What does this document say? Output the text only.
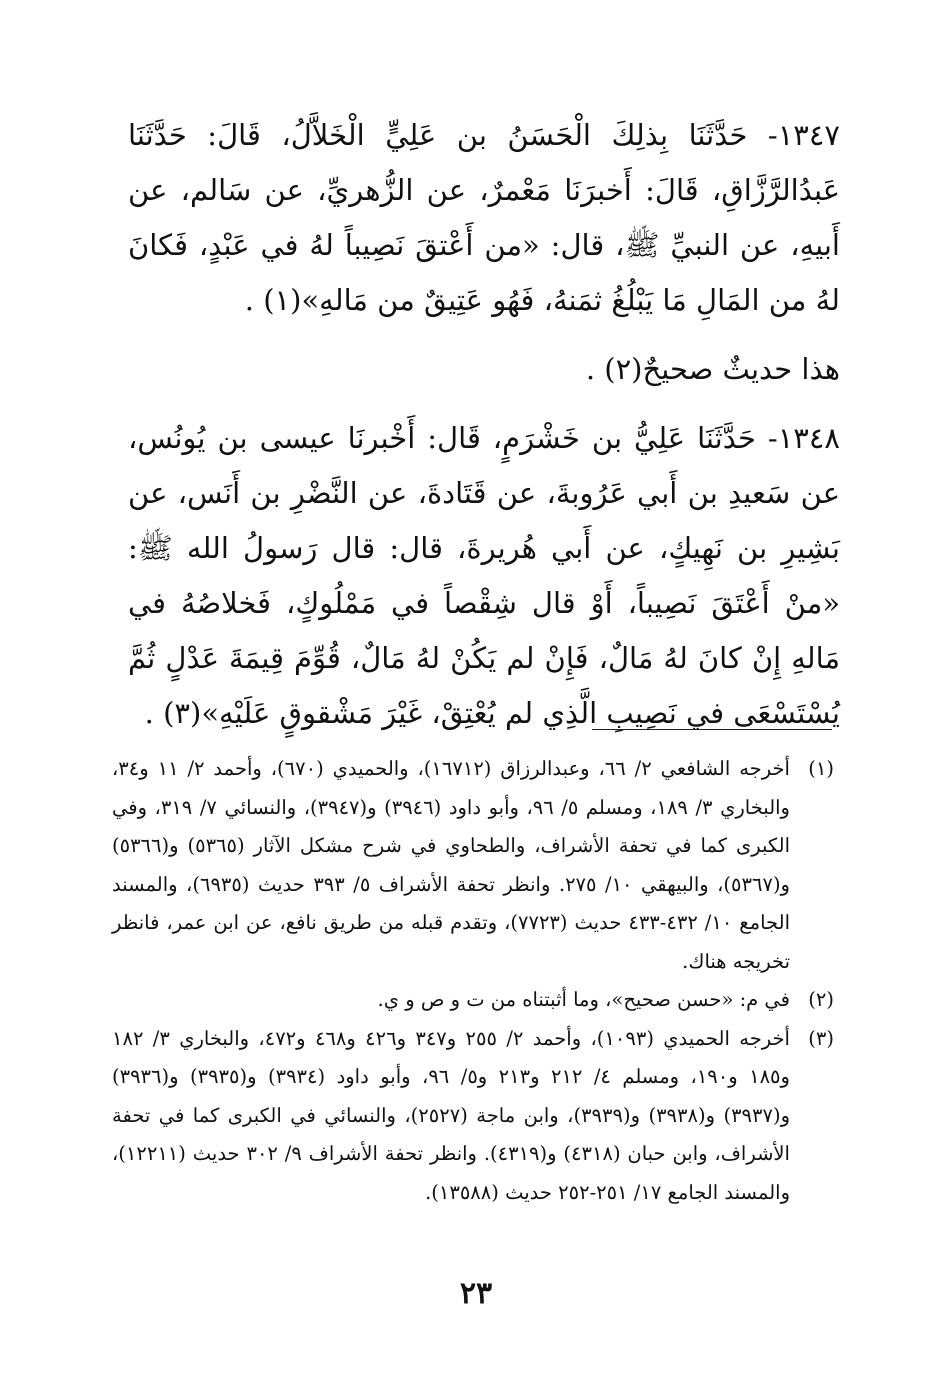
١٣٤٧- حَدَّثَنَا بِذلِكَ الْحَسَنُ بن عَلِيٍّ الْخَلاَّلُ، قَالَ: حَدَّثَنَا عَبدُالرَّزَّاقِ، قَالَ: أَخبرَنَا مَعْمرٌ، عن الزُّهريِّ، عن سَالم، عن أَبيهِ، عن النبيِّ ﷺ، قال: «من أَعْتقَ نَصِيباً لهُ في عَبْدٍ، فَكانَ لهُ من المَالِ مَا يَبْلُغُ ثمَنهُ، فَهُو عَتِيقٌ من مَالهِ»(١) .

هذا حديثٌ صحيحٌ(٢) .

١٣٤٨- حَدَّثَنَا عَلِيُّ بن خَشْرَمٍ، قَال: أَخْبرنَا عيسى بن يُونُس، عن سَعيدِ بن أَبي عَرُوبةَ، عن قَتَادةَ، عن النَّضْرِ بن أَنَس، عن بَشِيرِ بن نَهِيكٍ، عن أَبي هُريرةَ، قال: قال رَسولُ الله ﷺ: «منْ أَعْتَقَ نَصِيباً، أَوْ قال شِقْصاً في مَمْلُوكٍ، فَخلاصُهُ في مَالهِ إِنْ كانَ لهُ مَالٌ، فَإِنْ لم يَكُنْ لهُ مَالٌ، قُوِّمَ قِيمَةَ عَدْلٍ ثُمَّ يُسْتَسْعَى في نَصِيبِ الَّذِي لم يُعْتِقْ، غَيْرَ مَشْقوقٍ عَلَيْهِ»(٣) .

(١)
أخرجه الشافعي ٢/ ٦٦، وعبدالرزاق (١٦٧١٢)، والحميدي (٦٧٠)، وأحمد ٢/ ١١ و٣٤، والبخاري ٣/ ١٨٩، ومسلم ٥/ ٩٦، وأبو داود (٣٩٤٦) و(٣٩٤٧)، والنسائي ٧/ ٣١٩، وفي الكبرى كما في تحفة الأشراف، والطحاوي في شرح مشكل الآثار (٥٣٦٥) و(٥٣٦٦) و(٥٣٦٧)، والبيهقي ١٠/ ٢٧٥. وانظر تحفة الأشراف ٥/ ٣٩٣ حديث (٦٩٣٥)، والمسند الجامع ١٠/ ٤٣٢-٤٣٣ حديث (٧٧٢٣)، وتقدم قبله من طريق نافع، عن ابن عمر، فانظر تخريجه هناك.
(٢)
في م: «حسن صحيح»، وما أثبتناه من ت و ص و ي.
(٣)
أخرجه الحميدي (١٠٩٣)، وأحمد ٢/ ٢٥٥ و٣٤٧ و٤٢٦ و٤٦٨ و٤٧٢، والبخاري ٣/ ١٨٢ و١٨٥ و١٩٠، ومسلم ٤/ ٢١٢ و٢١٣ و٥/ ٩٦، وأبو داود (٣٩٣٤) و(٣٩٣٥) و(٣٩٣٦) و(٣٩٣٧) و(٣٩٣٨) و(٣٩٣٩)، وابن ماجة (٢٥٢٧)، والنسائي في الكبرى كما في تحفة الأشراف، وابن حبان (٤٣١٨) و(٤٣١٩). وانظر تحفة الأشراف ٩/ ٣٠٢ حديث (١٢٢١١)، والمسند الجامع ١٧/ ٢٥١-٢٥٢ حديث (١٣٥٨٨).
٢٣
